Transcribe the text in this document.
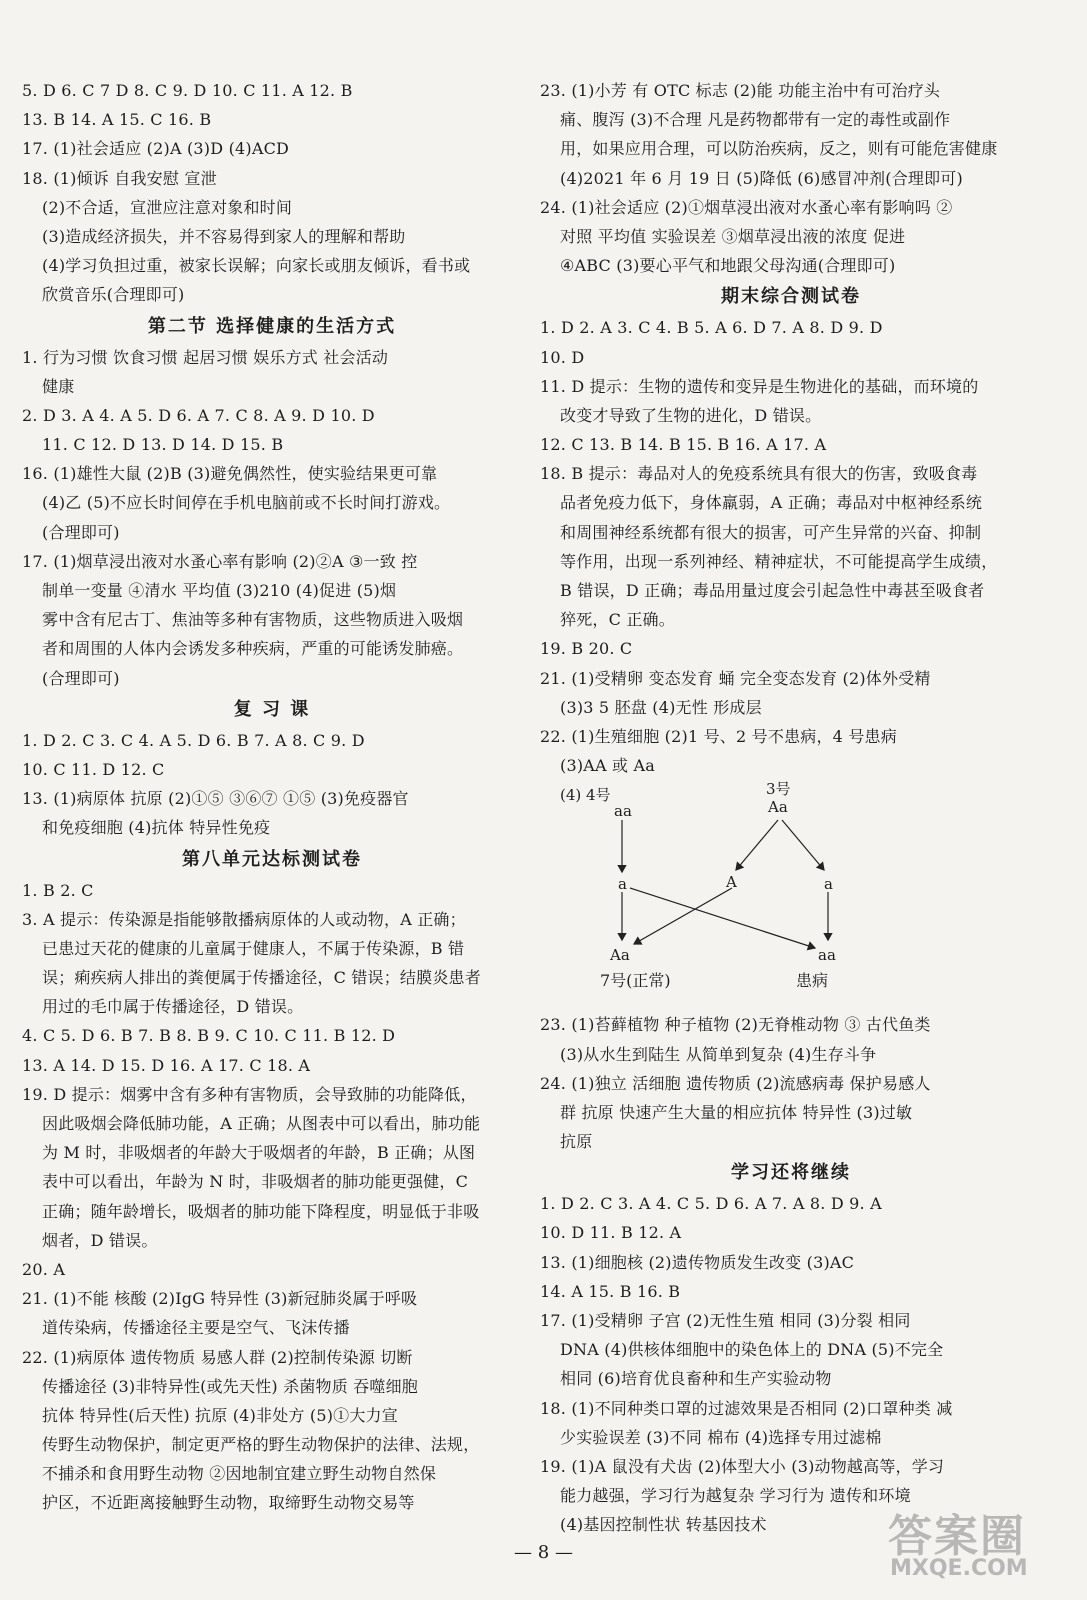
5. D 6. C 7 D 8. C 9. D 10. C 11. A 12. B
13. B 14. A 15. C 16. B
17. (1)社会适应 (2)A (3)D (4)ACD
18. (1)倾诉 自我安慰 宣泄
(2)不合适，宣泄应注意对象和时间
(3)造成经济损失，并不容易得到家人的理解和帮助
(4)学习负担过重，被家长误解；向家长或朋友倾诉，看书或
欣赏音乐(合理即可)
第二节 选择健康的生活方式
1. 行为习惯 饮食习惯 起居习惯 娱乐方式 社会活动
健康
2. D 3. A 4. A 5. D 6. A 7. C 8. A 9. D 10. D
11. C 12. D 13. D 14. D 15. B
16. (1)雄性大鼠 (2)B (3)避免偶然性，使实验结果更可靠
(4)乙 (5)不应长时间停在手机电脑前或不长时间打游戏。
(合理即可)
17. (1)烟草浸出液对水蚤心率有影响 (2)②A ③一致 控
制单一变量 ④清水 平均值 (3)210 (4)促进 (5)烟
雾中含有尼古丁、焦油等多种有害物质，这些物质进入吸烟
者和周围的人体内会诱发多种疾病，严重的可能诱发肺癌。
(合理即可)
复 习 课
1. D 2. C 3. C 4. A 5. D 6. B 7. A 8. C 9. D
10. C 11. D 12. C
13. (1)病原体 抗原 (2)①⑤ ③⑥⑦ ①⑤ (3)免疫器官
和免疫细胞 (4)抗体 特异性免疫
第八单元达标测试卷
1. B 2. C
3. A 提示：传染源是指能够散播病原体的人或动物，A 正确；
已患过天花的健康的儿童属于健康人，不属于传染源，B 错
误；痢疾病人排出的粪便属于传播途径，C 错误；结膜炎患者
用过的毛巾属于传播途径，D 错误。
4. C 5. D 6. B 7. B 8. B 9. C 10. C 11. B 12. D
13. A 14. D 15. D 16. A 17. C 18. A
19. D 提示：烟雾中含有多种有害物质，会导致肺的功能降低，
因此吸烟会降低肺功能，A 正确；从图表中可以看出，肺功能
为 M 时，非吸烟者的年龄大于吸烟者的年龄，B 正确；从图
表中可以看出，年龄为 N 时，非吸烟者的肺功能更强健，C
正确；随年龄增长，吸烟者的肺功能下降程度，明显低于非吸
烟者，D 错误。
20. A
21. (1)不能 核酸 (2)IgG 特异性 (3)新冠肺炎属于呼吸
道传染病，传播途径主要是空气、飞沫传播
22. (1)病原体 遗传物质 易感人群 (2)控制传染源 切断
传播途径 (3)非特异性(或先天性) 杀菌物质 吞噬细胞
抗体 特异性(后天性) 抗原 (4)非处方 (5)①大力宣
传野生动物保护，制定更严格的野生动物保护的法律、法规，
不捕杀和食用野生动物 ②因地制宜建立野生动物自然保
护区，不近距离接触野生动物，取缔野生动物交易等
23. (1)小芳 有 OTC 标志 (2)能 功能主治中有可治疗头
痛、腹泻 (3)不合理 凡是药物都带有一定的毒性或副作
用，如果应用合理，可以防治疾病，反之，则有可能危害健康
(4)2021 年 6 月 19 日 (5)降低 (6)感冒冲剂(合理即可)
24. (1)社会适应 (2)①烟草浸出液对水蚤心率有影响吗 ②
对照 平均值 实验误差 ③烟草浸出液的浓度 促进
④ABC (3)要心平气和地跟父母沟通(合理即可)
期末综合测试卷
1. D 2. A 3. C 4. B 5. A 6. D 7. A 8. D 9. D
10. D
11. D 提示：生物的遗传和变异是生物进化的基础，而环境的
改变才导致了生物的进化，D 错误。
12. C 13. B 14. B 15. B 16. A 17. A
18. B 提示：毒品对人的免疫系统具有很大的伤害，致吸食毒
品者免疫力低下，身体羸弱，A 正确；毒品对中枢神经系统
和周围神经系统都有很大的损害，可产生异常的兴奋、抑制
等作用，出现一系列神经、精神症状，不可能提高学生成绩，
B 错误，D 正确；毒品用量过度会引起急性中毒甚至吸食者
猝死，C 正确。
19. B 20. C
21. (1)受精卵 变态发育 蛹 完全变态发育 (2)体外受精
(3)3 5 胚盘 (4)无性 形成层
22. (1)生殖细胞 (2)1 号、2 号不患病，4 号患病
(3)AA 或 Aa
(4) 4号
aa
3号
Aa
a	A	a
Aa	aa
7号(正常)	患病
23. (1)苔藓植物 种子植物 (2)无脊椎动物 ③ 古代鱼类
(3)从水生到陆生 从简单到复杂 (4)生存斗争
24. (1)独立 活细胞 遗传物质 (2)流感病毒 保护易感人
群 抗原 快速产生大量的相应抗体 特异性 (3)过敏
抗原
学习还将继续
1. D 2. C 3. A 4. C 5. D 6. A 7. A 8. D 9. A
10. D 11. B 12. A
13. (1)细胞核 (2)遗传物质发生改变 (3)AC
14. A 15. B 16. B
17. (1)受精卵 子宫 (2)无性生殖 相同 (3)分裂 相同
DNA (4)供核体细胞中的染色体上的 DNA (5)不完全
相同 (6)培育优良畜种和生产实验动物
18. (1)不同种类口罩的过滤效果是否相同 (2)口罩种类 减
少实验误差 (3)不同 棉布 (4)选择专用过滤棉
19. (1)A 鼠没有犬齿 (2)体型大小 (3)动物越高等，学习
能力越强，学习行为越复杂 学习行为 遗传和环境
(4)基因控制性状 转基因技术
— 8 —	答案圈
MXQE.COM
